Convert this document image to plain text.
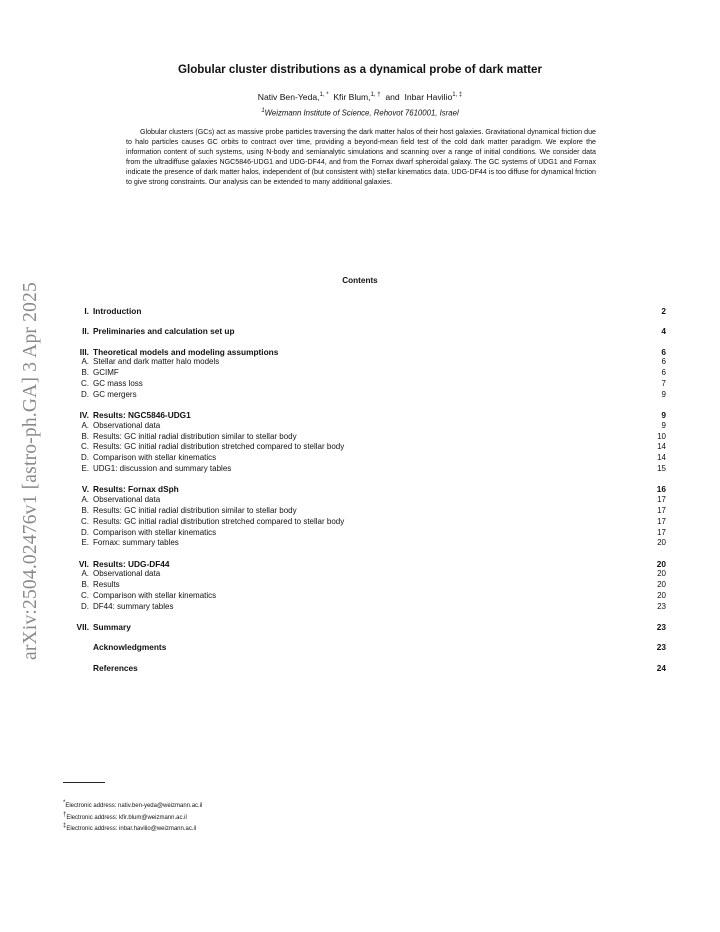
arXiv:2504.02476v1 [astro-ph.GA] 3 Apr 2025
Globular cluster distributions as a dynamical probe of dark matter
Nativ Ben-Yeda,$^{1, *}$ Kfir Blum,$^{1, \dagger}$  and  Inbar Havilio$^{1, \ddagger}$
$^1$Weizmann Institute of Science, Rehovot 7610001, Israel

Globular clusters (GCs) act as massive probe particles traversing the dark matter halos of their host galaxies. Gravitational dynamical friction due to halo particles causes GC orbits to contract over time, providing a beyond-mean field test of the cold dark matter paradigm. We explore the information content of such systems, using N-body and semianalytic simulations and scanning over a range of initial conditions. We consider data from the ultradiffuse galaxies NGC5846-UDG1 and UDG-DF44, and from the Fornax dwarf spheroidal galaxy. The GC systems of UDG1 and Fornax indicate the presence of dark matter halos, independent of (but consistent with) stellar kinematics data. UDG-DF44 is too diffuse for dynamical friction to give strong constraints. Our analysis can be extended to many additional galaxies.

Contents
I. Introduction	2
II. Preliminaries and calculation set up	4
III. Theoretical models and modeling assumptions	6
A. Stellar and dark matter halo models	6
B. GCIMF	6
C. GC mass loss	7
D. GC mergers	9
IV. Results: NGC5846-UDG1	9
A. Observational data	9
B. Results: GC initial radial distribution similar to stellar body	10
C. Results: GC initial radial distribution stretched compared to stellar body	14
D. Comparison with stellar kinematics	14
E. UDG1: discussion and summary tables	15
V. Results: Fornax dSph	16
A. Observational data	17
B. Results: GC initial radial distribution similar to stellar body	17
C. Results: GC initial radial distribution stretched compared to stellar body	17
D. Comparison with stellar kinematics	17
E. Fornax: summary tables	20
VI. Results: UDG-DF44	20
A. Observational data	20
B. Results	20
C. Comparison with stellar kinematics	20
D. DF44: summary tables	23
VII. Summary	23
Acknowledgments	23
References	24
*Electronic address: nativ.ben-yeda@weizmann.ac.il
†Electronic address: kfir.blum@weizmann.ac.il
‡Electronic address: inbar.havilio@weizmann.ac.il
